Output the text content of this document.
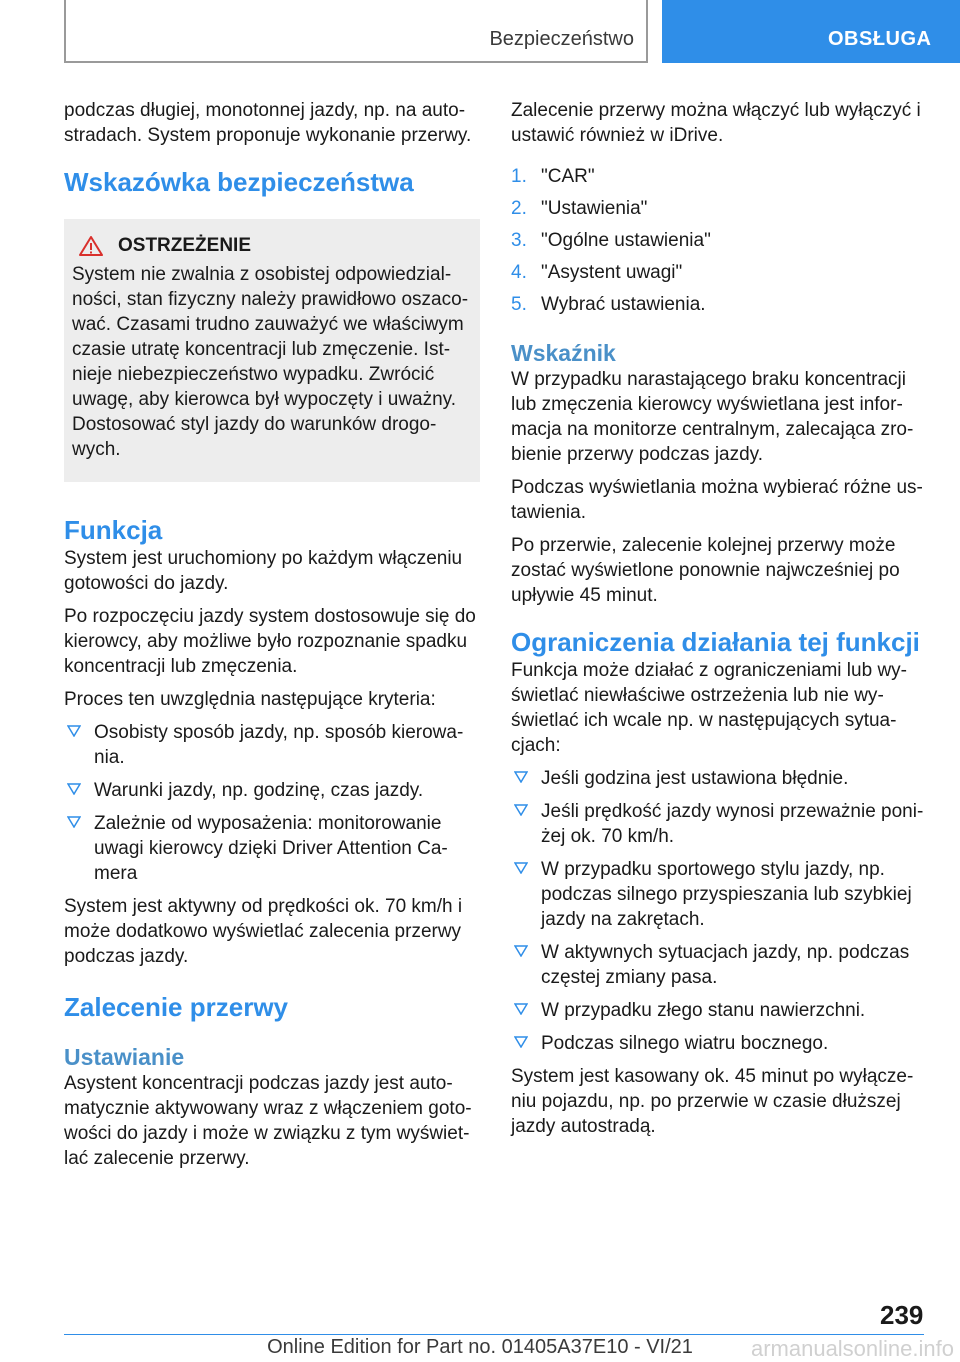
Bezpieczeństwo	OBSŁUGA

podczas długiej, monotonnej jazdy, np. na autostradach. System proponuje wykonanie przerwy.

Wskazówka bezpieczeństwa
OSTRZEŻENIE

System nie zwalnia z osobistej odpowiedzialności, stan fizyczny należy prawidłowo oszacować. Czasami trudno zauważyć we właściwym czasie utratę koncentracji lub zmęczenie. Istnieje niebezpieczeństwo wypadku. Zwrócić uwagę, aby kierowca był wypoczęty i uważny. Dostosować styl jazdy do warunków drogowych.

Funkcja

System jest uruchomiony po każdym włączeniu gotowości do jazdy.

Po rozpoczęciu jazdy system dostosowuje się do kierowcy, aby możliwe było rozpoznanie spadku koncentracji lub zmęczenia.

Proces ten uwzględnia następujące kryteria:

Osobisty sposób jazdy, np. sposób kierowania.
Warunki jazdy, np. godzinę, czas jazdy.
Zależnie od wyposażenia: monitorowanie uwagi kierowcy dzięki Driver Attention Camera

System jest aktywny od prędkości ok. 70 km/h i może dodatkowo wyświetlać zalecenia przerwy podczas jazdy.

Zalecenie przerwy
Ustawianie

Asystent koncentracji podczas jazdy jest automatycznie aktywowany wraz z włączeniem gotowości do jazdy i może w związku z tym wyświetlać zalecenie przerwy.

Zalecenie przerwy można włączyć lub wyłączyć i ustawić również w iDrive.

1. "CAR"
2. "Ustawienia"
3. "Ogólne ustawienia"
4. "Asystent uwagi"
5. Wybrać ustawienia.
Wskaźnik

W przypadku narastającego braku koncentracji lub zmęczenia kierowcy wyświetlana jest informacja na monitorze centralnym, zalecająca zrobienie przerwy podczas jazdy.

Podczas wyświetlania można wybierać różne ustawienia.

Po przerwie, zalecenie kolejnej przerwy może zostać wyświetlone ponownie najwcześniej po upływie 45 minut.

Ograniczenia działania tej funkcji

Funkcja może działać z ograniczeniami lub wyświetlać niewłaściwe ostrzeżenia lub nie wyświetlać ich wcale np. w następujących sytuacjach:

Jeśli godzina jest ustawiona błędnie.
Jeśli prędkość jazdy wynosi przeważnie poniżej ok. 70 km/h.
W przypadku sportowego stylu jazdy, np. podczas silnego przyspieszania lub szybkiej jazdy na zakrętach.
W aktywnych sytuacjach jazdy, np. podczas częstej zmiany pasa.
W przypadku złego stanu nawierzchni.
Podczas silnego wiatru bocznego.

System jest kasowany ok. 45 minut po wyłączeniu pojazdu, np. po przerwie w czasie dłuższej jazdy autostradą.

239
Online Edition for Part no. 01405A37E10 - VI/21	armanualsonline.info
